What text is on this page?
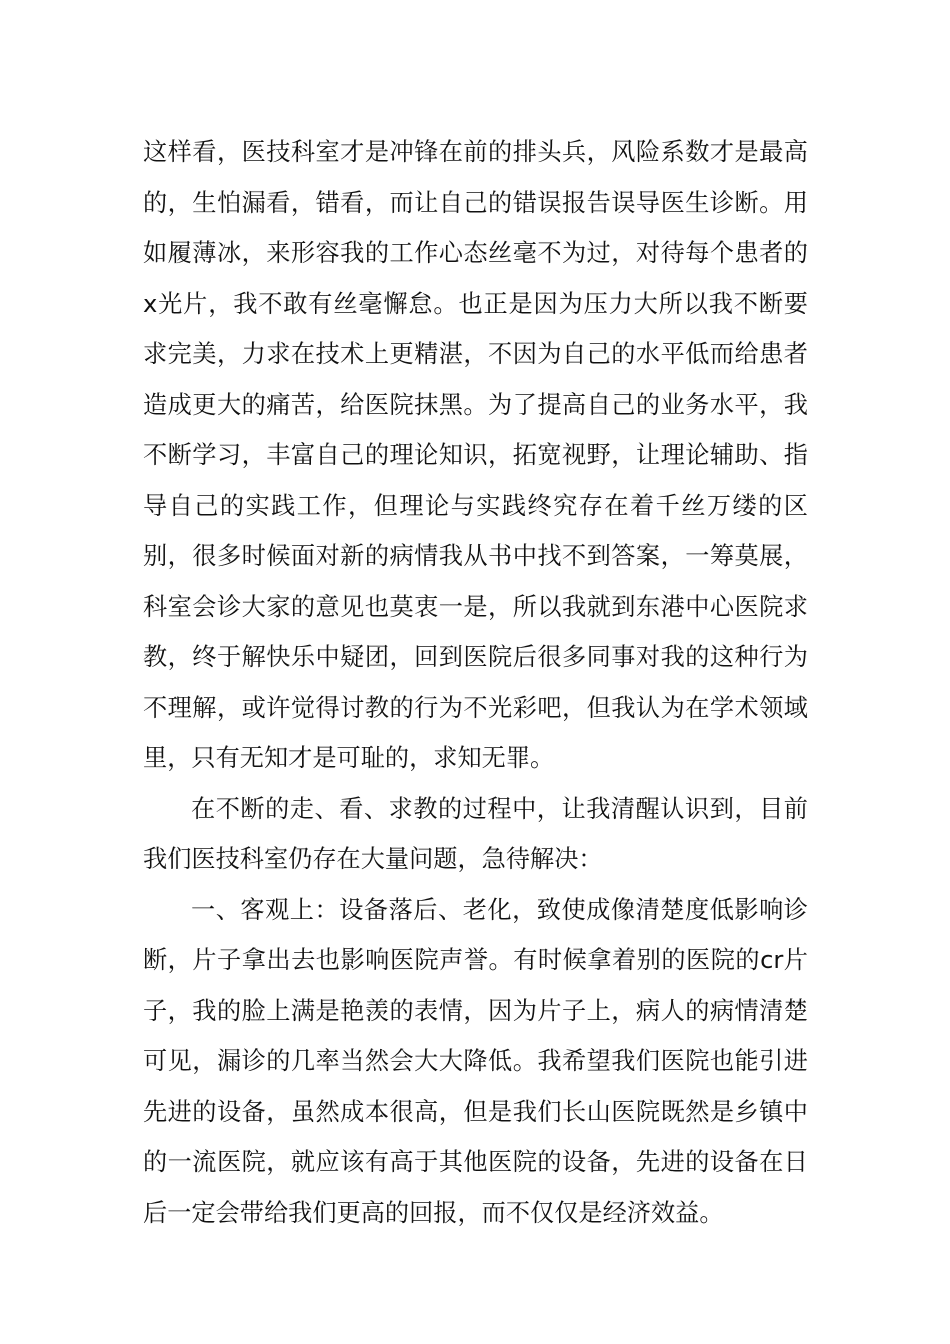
这样看，医技科室才是冲锋在前的排头兵，风险系数才是最高的，生怕漏看，错看，而让自己的错误报告误导医生诊断。用如履薄冰，来形容我的工作心态丝毫不为过，对待每个患者的x光片，我不敢有丝毫懈怠。也正是因为压力大所以我不断要求完美，力求在技术上更精湛，不因为自己的水平低而给患者造成更大的痛苦，给医院抹黑。为了提高自己的业务水平，我不断学习，丰富自己的理论知识，拓宽视野，让理论辅助、指导自己的实践工作，但理论与实践终究存在着千丝万缕的区别，很多时候面对新的病情我从书中找不到答案，一筹莫展，科室会诊大家的意见也莫衷一是，所以我就到东港中心医院求教，终于解快乐中疑团，回到医院后很多同事对我的这种行为不理解，或许觉得讨教的行为不光彩吧，但我认为在学术领域里，只有无知才是可耻的，求知无罪。

在不断的走、看、求教的过程中，让我清醒认识到，目前我们医技科室仍存在大量问题，急待解决：

一、客观上：设备落后、老化，致使成像清楚度低影响诊断，片子拿出去也影响医院声誉。有时候拿着别的医院的cr片子，我的脸上满是艳羡的表情，因为片子上，病人的病情清楚可见，漏诊的几率当然会大大降低。我希望我们医院也能引进先进的设备，虽然成本很高，但是我们长山医院既然是乡镇中的一流医院，就应该有高于其他医院的设备，先进的设备在日后一定会带给我们更高的回报，而不仅仅是经济效益。
